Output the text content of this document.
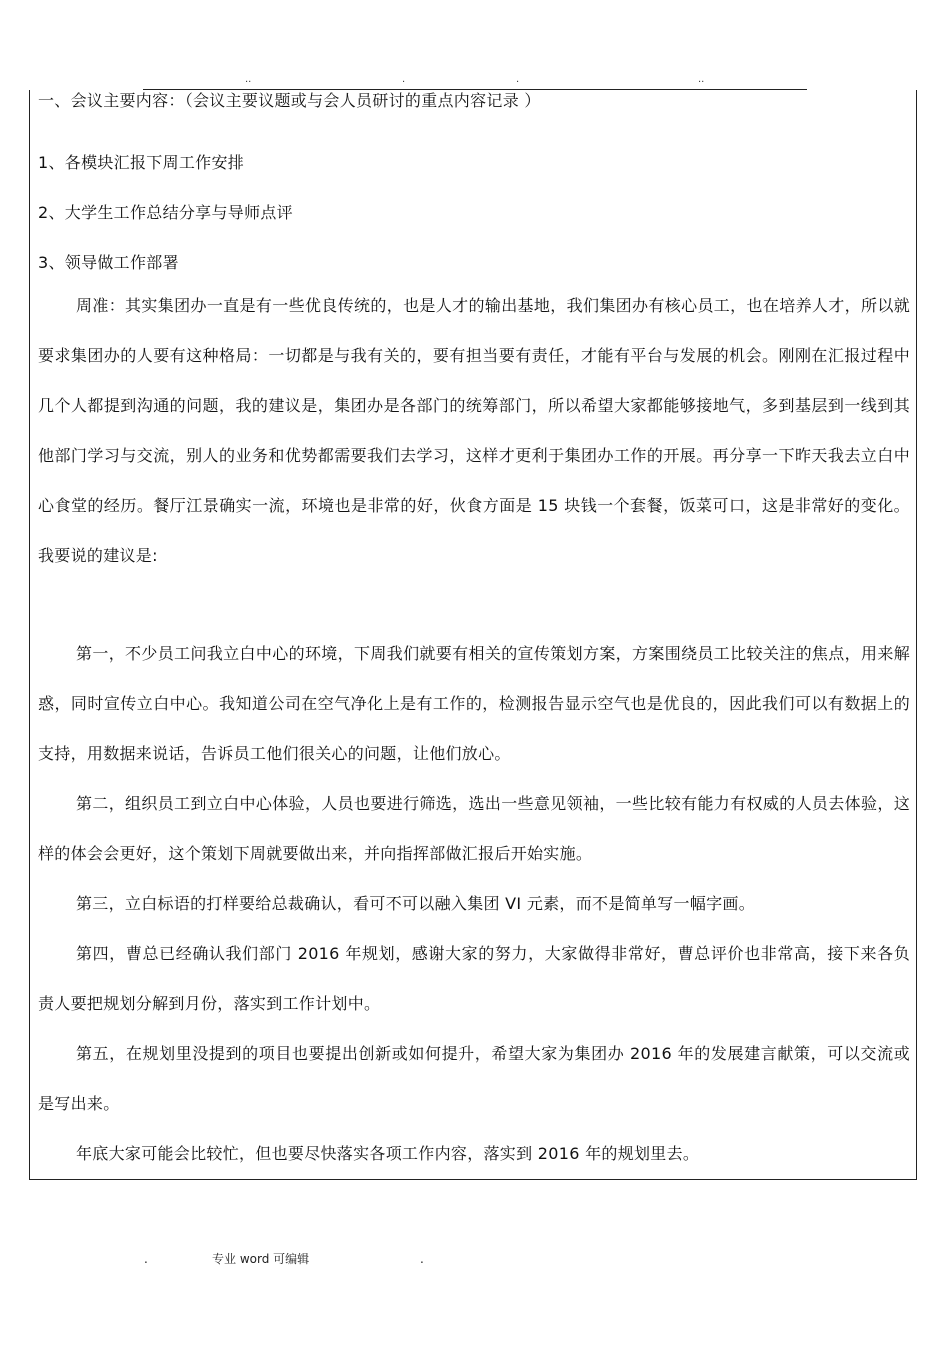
..	.	.	..
一、会议主要内容：（会议主要议题或与会人员研讨的重点内容记录 ）
1、各模块汇报下周工作安排
2、大学生工作总结分享与导师点评
3、领导做工作部署
周准：其实集团办一直是有一些优良传统的，也是人才的输出基地，我们集团办有核心员工，也在培养人才，所以就要求集团办的人要有这种格局：一切都是与我有关的，要有担当要有责任，才能有平台与发展的机会。刚刚在汇报过程中几个人都提到沟通的问题，我的建议是，集团办是各部门的统筹部门，所以希望大家都能够接地气，多到基层到一线到其他部门学习与交流，别人的业务和优势都需要我们去学习，这样才更利于集团办工作的开展。再分享一下昨天我去立白中心食堂的经历。餐厅江景确实一流，环境也是非常的好，伙食方面是 15 块钱一个套餐，饭菜可口，这是非常好的变化。我要说的建议是:
第一，不少员工问我立白中心的环境，下周我们就要有相关的宣传策划方案，方案围绕员工比较关注的焦点，用来解惑，同时宣传立白中心。我知道公司在空气净化上是有工作的，检测报告显示空气也是优良的，因此我们可以有数据上的支持，用数据来说话，告诉员工他们很关心的问题，让他们放心。
第二，组织员工到立白中心体验，人员也要进行筛选，选出一些意见领袖，一些比较有能力有权威的人员去体验，这样的体会会更好，这个策划下周就要做出来，并向指挥部做汇报后开始实施。
第三，立白标语的打样要给总裁确认，看可不可以融入集团 VI 元素，而不是简单写一幅字画。
第四，曹总已经确认我们部门 2016 年规划，感谢大家的努力，大家做得非常好，曹总评价也非常高，接下来各负责人要把规划分解到月份，落实到工作计划中。
第五，在规划里没提到的项目也要提出创新或如何提升，希望大家为集团办 2016 年的发展建言献策，可以交流或是写出来。
年底大家可能会比较忙，但也要尽快落实各项工作内容，落实到 2016 年的规划里去。
.	专业 word 可编辑	.
